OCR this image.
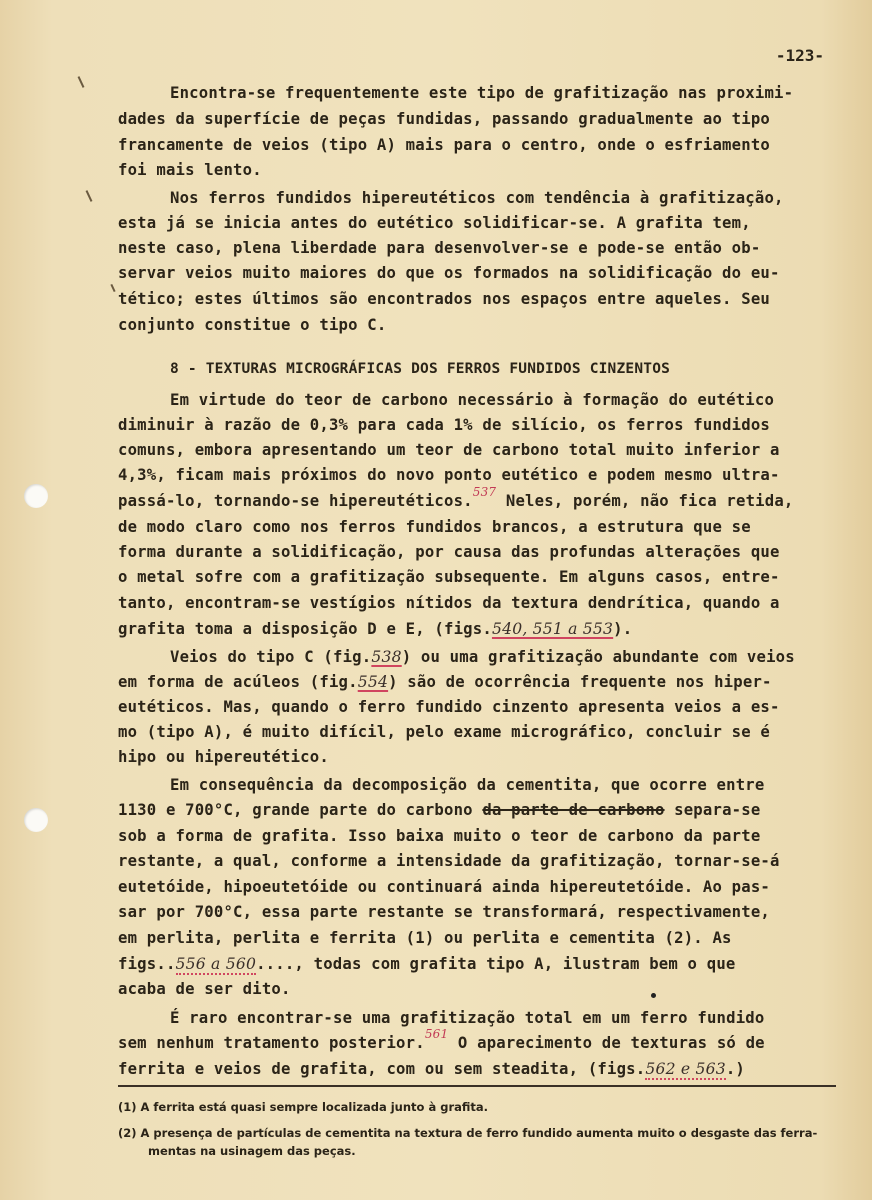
-123-
Encontra-se frequentemente este tipo de grafitização nas proximi-
dades da superfície de peças fundidas, passando gradualmente ao tipo
francamente de veios (tipo A) mais para o centro, onde o esfriamento
foi mais lento.
Nos ferros fundidos hipereutéticos com tendência à grafitização,
esta já se inicia antes do eutético solidificar-se. A grafita tem,
neste caso, plena liberdade para desenvolver-se e pode-se então ob-
servar veios muito maiores do que os formados na solidificação do eu-
tético; estes últimos são encontrados nos espaços entre aqueles. Seu
conjunto constitue o tipo C.
8 - TEXTURAS MICROGRÁFICAS DOS FERROS FUNDIDOS CINZENTOS
Em virtude do teor de carbono necessário à formação do eutético
diminuir à razão de 0,3% para cada 1% de silício, os ferros fundidos
comuns, embora apresentando um teor de carbono total muito inferior a
4,3%, ficam mais próximos do novo ponto eutético e podem mesmo ultra-
passá-lo, tornando-se hipereutéticos.$^{537}$ Neles, porém, não fica retida,
de modo claro como nos ferros fundidos brancos, a estrutura que se
forma durante a solidificação, por causa das profundas alterações que
o metal sofre com a grafitização subsequente. Em alguns casos, entre-
tanto, encontram-se vestígios nítidos da textura dendrítica, quando a
grafita toma a disposição D e E, (figs.540, 551 a 553).
Veios do tipo C (fig.538) ou uma grafitização abundante com veios
em forma de acúleos (fig.554) são de ocorrência frequente nos hiper-
eutéticos. Mas, quando o ferro fundido cinzento apresenta veios a es-
mo (tipo A), é muito difícil, pelo exame micrográfico, concluir se é
hipo ou hipereutético.
Em consequência da decomposição da cementita, que ocorre entre
1130 e 700°C, grande parte do carbono da parte de carbono separa-se
sob a forma de grafita. Isso baixa muito o teor de carbono da parte
restante, a qual, conforme a intensidade da grafitização, tornar-se-á
eutetóide, hipoeutetóide ou continuará ainda hipereutetóide. Ao pas-
sar por 700°C, essa parte restante se transformará, respectivamente,
em perlita, perlita e ferrita (1) ou perlita e cementita (2). As
figs..556 a 560...., todas com grafita tipo A, ilustram bem o que
acaba de ser dito.
É raro encontrar-se uma grafitização total em um ferro fundido
sem nenhum tratamento posterior.$^{561}$ O aparecimento de texturas só de
ferrita e veios de grafita, com ou sem steadita, (figs.562 e 563.)
(1) A ferrita está quasi sempre localizada junto à grafita.
(2) A presença de partículas de cementita na textura de ferro fundido aumenta muito o desgaste das ferra-
mentas na usinagem das peças.
